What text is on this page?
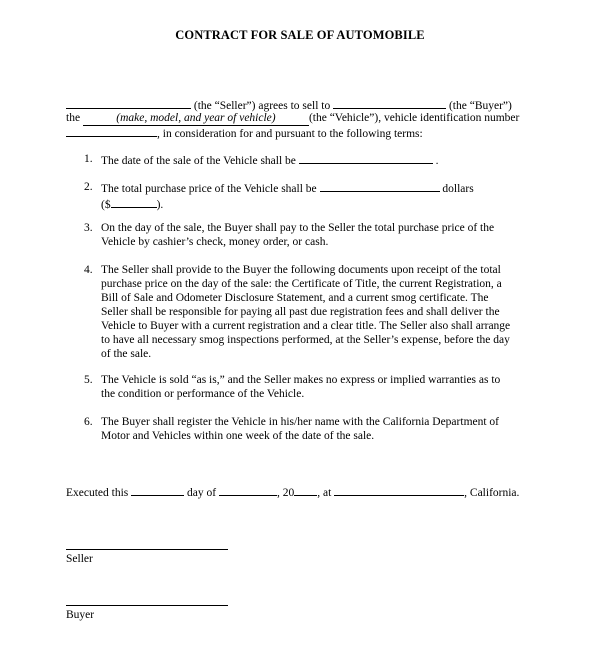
CONTRACT FOR SALE OF AUTOMOBILE
(the “Seller”) agrees to sell to	(the “Buyer”)
the	(make, model, and year of vehicle)	(the “Vehicle”), vehicle identification number
, in consideration for and pursuant to the following terms:
1. The date of the sale of the Vehicle shall be	.
2. The total purchase price of the Vehicle shall be	dollars
($	).
3. On the day of the sale, the Buyer shall pay to the Seller the total purchase price of the
Vehicle by cashier’s check, money order, or cash.
4. The Seller shall provide to the Buyer the following documents upon receipt of the total
purchase price on the day of the sale: the Certificate of Title, the current Registration, a
Bill of Sale and Odometer Disclosure Statement, and a current smog certificate. The
Seller shall be responsible for paying all past due registration fees and shall deliver the
Vehicle to Buyer with a current registration and a clear title. The Seller also shall arrange
to have all necessary smog inspections performed, at the Seller’s expense, before the day
of the sale.
5. The Vehicle is sold “as is,” and the Seller makes no express or implied warranties as to
the condition or performance of the Vehicle.
6. The Buyer shall register the Vehicle in his/her name with the California Department of
Motor and Vehicles within one week of the date of the sale.
Executed this	day of	, 20 , at	, California.
Seller
Buyer
